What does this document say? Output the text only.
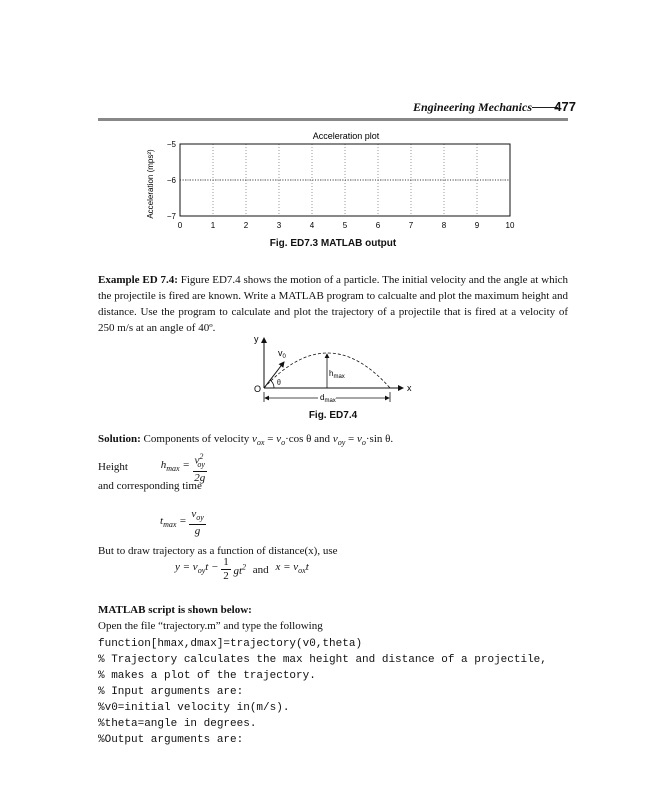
Engineering Mechanics 477
Acceleration plot
Acceleration (mps²)
0	1	2	3	4	5	6	7	8	9	10
−5
−6
−7
Fig. ED7.3 MATLAB output
Example ED 7.4: Figure ED7.4 shows the motion of a particle. The initial velocity and the angle at which the projectile is fired are known. Write a MATLAB program to calcualte and plot the maximum height and distance. Use the program to calculate and plot the trajectory of a projectile that is fired at a velocity of 250 m/s at an angle of 40º.
y
x
O
$v_0$
θ
$h_{max}$
$d_{max}$
Fig. ED7.4
Solution: Components of velocity $v_{ox} = v_o\cdot\cos$ θ and $v_{oy} = v_o\cdot\sin$ θ.
Height	$h_{max} = \frac{v^2_{oy}}{2g}$
and corresponding time
$t_{max} = \frac{v_{oy}}{g}$
But to draw trajectory as a function of distance(x), use
$y = v_{oy}t - \frac{1}{2} gt^2$ and $x = v_{ox}t$
MATLAB script is shown below:
Open the file “trajectory.m” and type the following
function[hmax,dmax]=trajectory(v0,theta)
% Trajectory calculates the max height and distance of a projectile,
% makes a plot of the trajectory.
% Input arguments are:
%v0=initial velocity in(m/s).
%theta=angle in degrees.
%Output arguments are:
